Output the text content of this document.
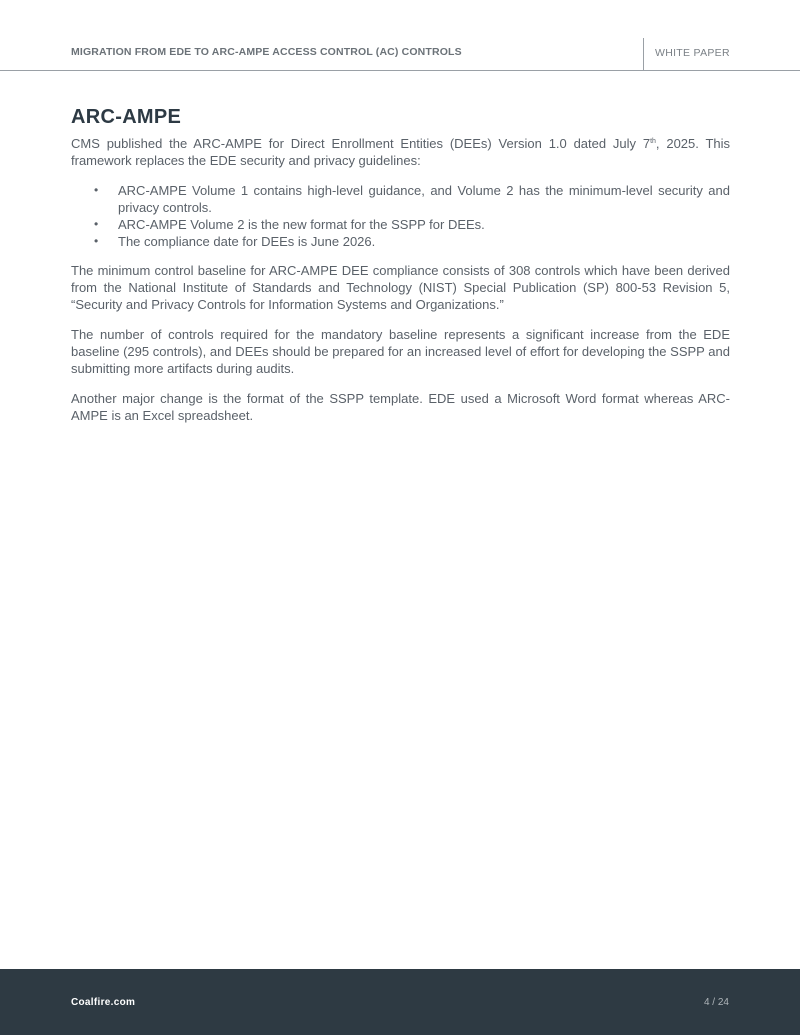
MIGRATION FROM EDE TO ARC-AMPE ACCESS CONTROL (AC) CONTROLS	WHITE PAPER
ARC-AMPE

CMS published the ARC-AMPE for Direct Enrollment Entities (DEEs) Version 1.0 dated July 7th, 2025. This framework replaces the EDE security and privacy guidelines:

• ARC-AMPE Volume 1 contains high-level guidance, and Volume 2 has the minimum-level security and privacy controls.
• ARC-AMPE Volume 2 is the new format for the SSPP for DEEs.
• The compliance date for DEEs is June 2026.

The minimum control baseline for ARC-AMPE DEE compliance consists of 308 controls which have been derived from the National Institute of Standards and Technology (NIST) Special Publication (SP) 800-53 Revision 5, “Security and Privacy Controls for Information Systems and Organizations.”

The number of controls required for the mandatory baseline represents a significant increase from the EDE baseline (295 controls), and DEEs should be prepared for an increased level of effort for developing the SSPP and submitting more artifacts during audits.

Another major change is the format of the SSPP template. EDE used a Microsoft Word format whereas ARC-AMPE is an Excel spreadsheet.

Coalfire.com	4 / 24
